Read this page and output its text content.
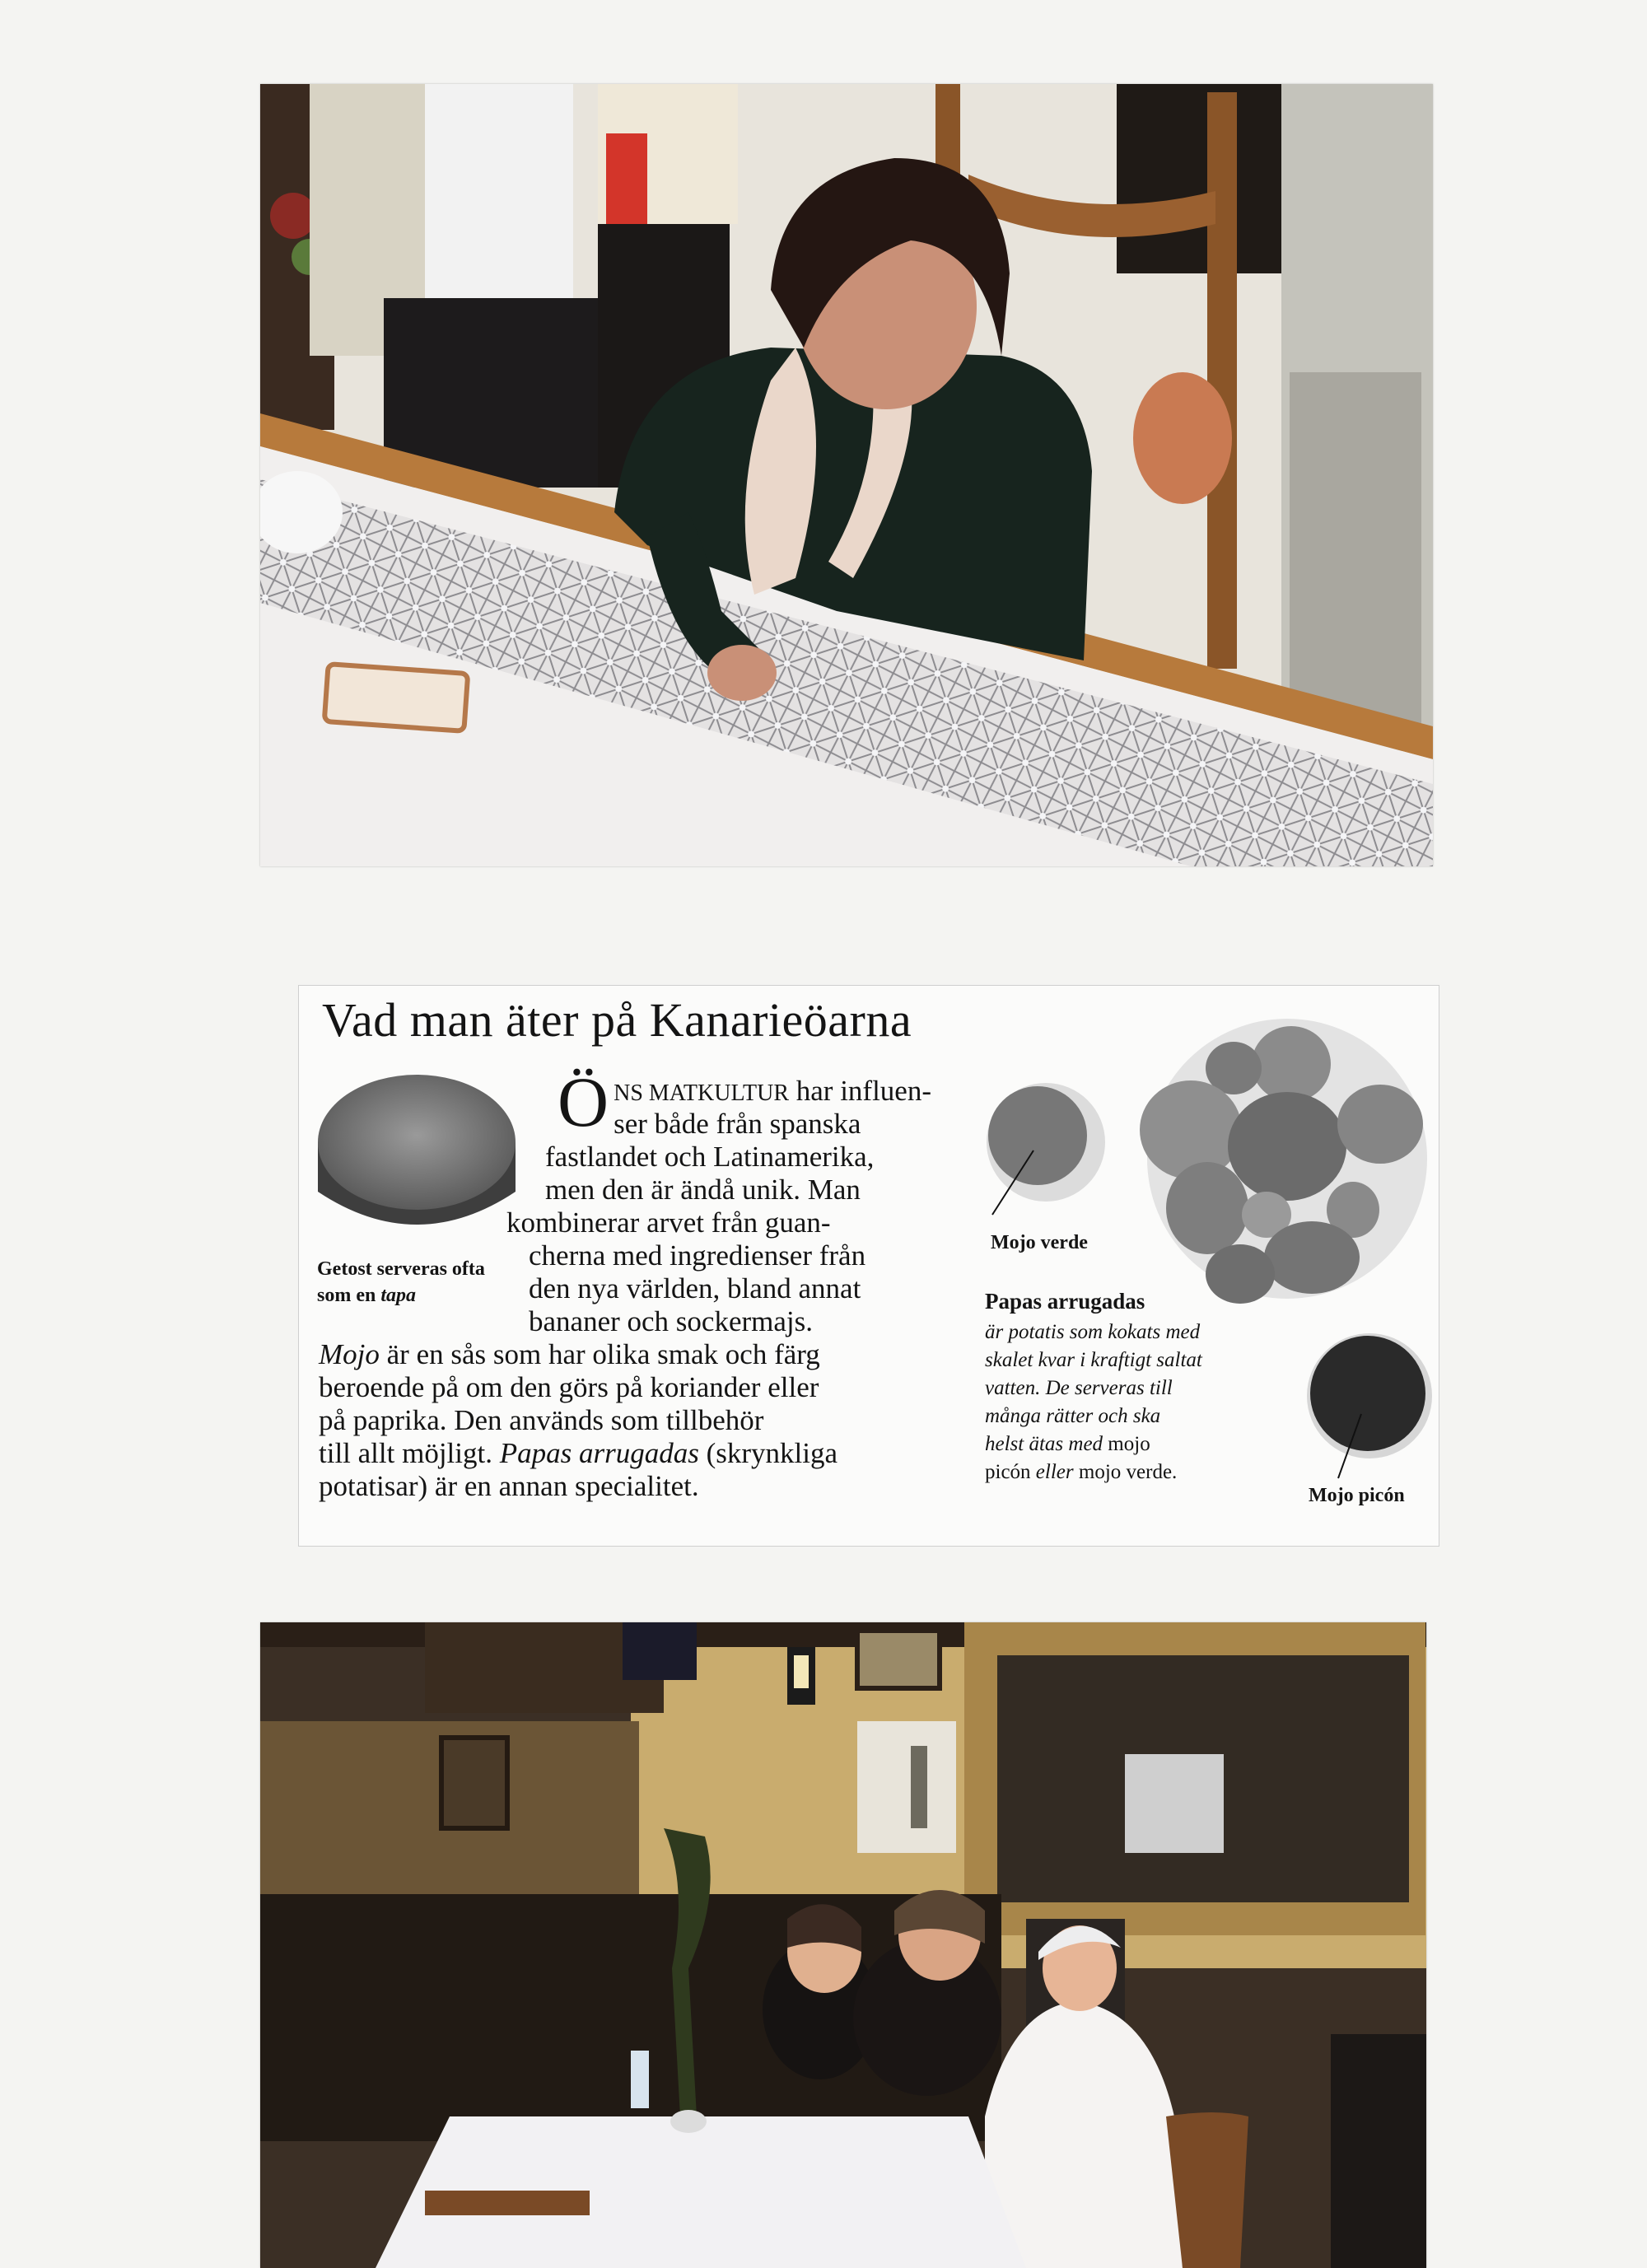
Vad man äter på Kanarieöarna
Getost serveras ofta
som en tapa
ÖNS MATKULTUR har influen-
ser både från spanska
fastlandet och Latinamerika,
men den är ändå unik. Man
kombinerar arvet från guan-
cherna med ingredienser från
den nya världen, bland annat
bananer och sockermajs.
Mojo är en sås som har olika smak och färg
beroende på om den görs på koriander eller
på paprika. Den används som tillbehör
till allt möjligt. Papas arrugadas (skrynkliga
potatisar) är en annan specialitet.
Mojo verde
Papas arrugadas
är potatis som kokats med
skalet kvar i kraftigt saltat
vatten. De serveras till
många rätter och ska
helst ätas med mojo
picón eller mojo verde.
Mojo picón
